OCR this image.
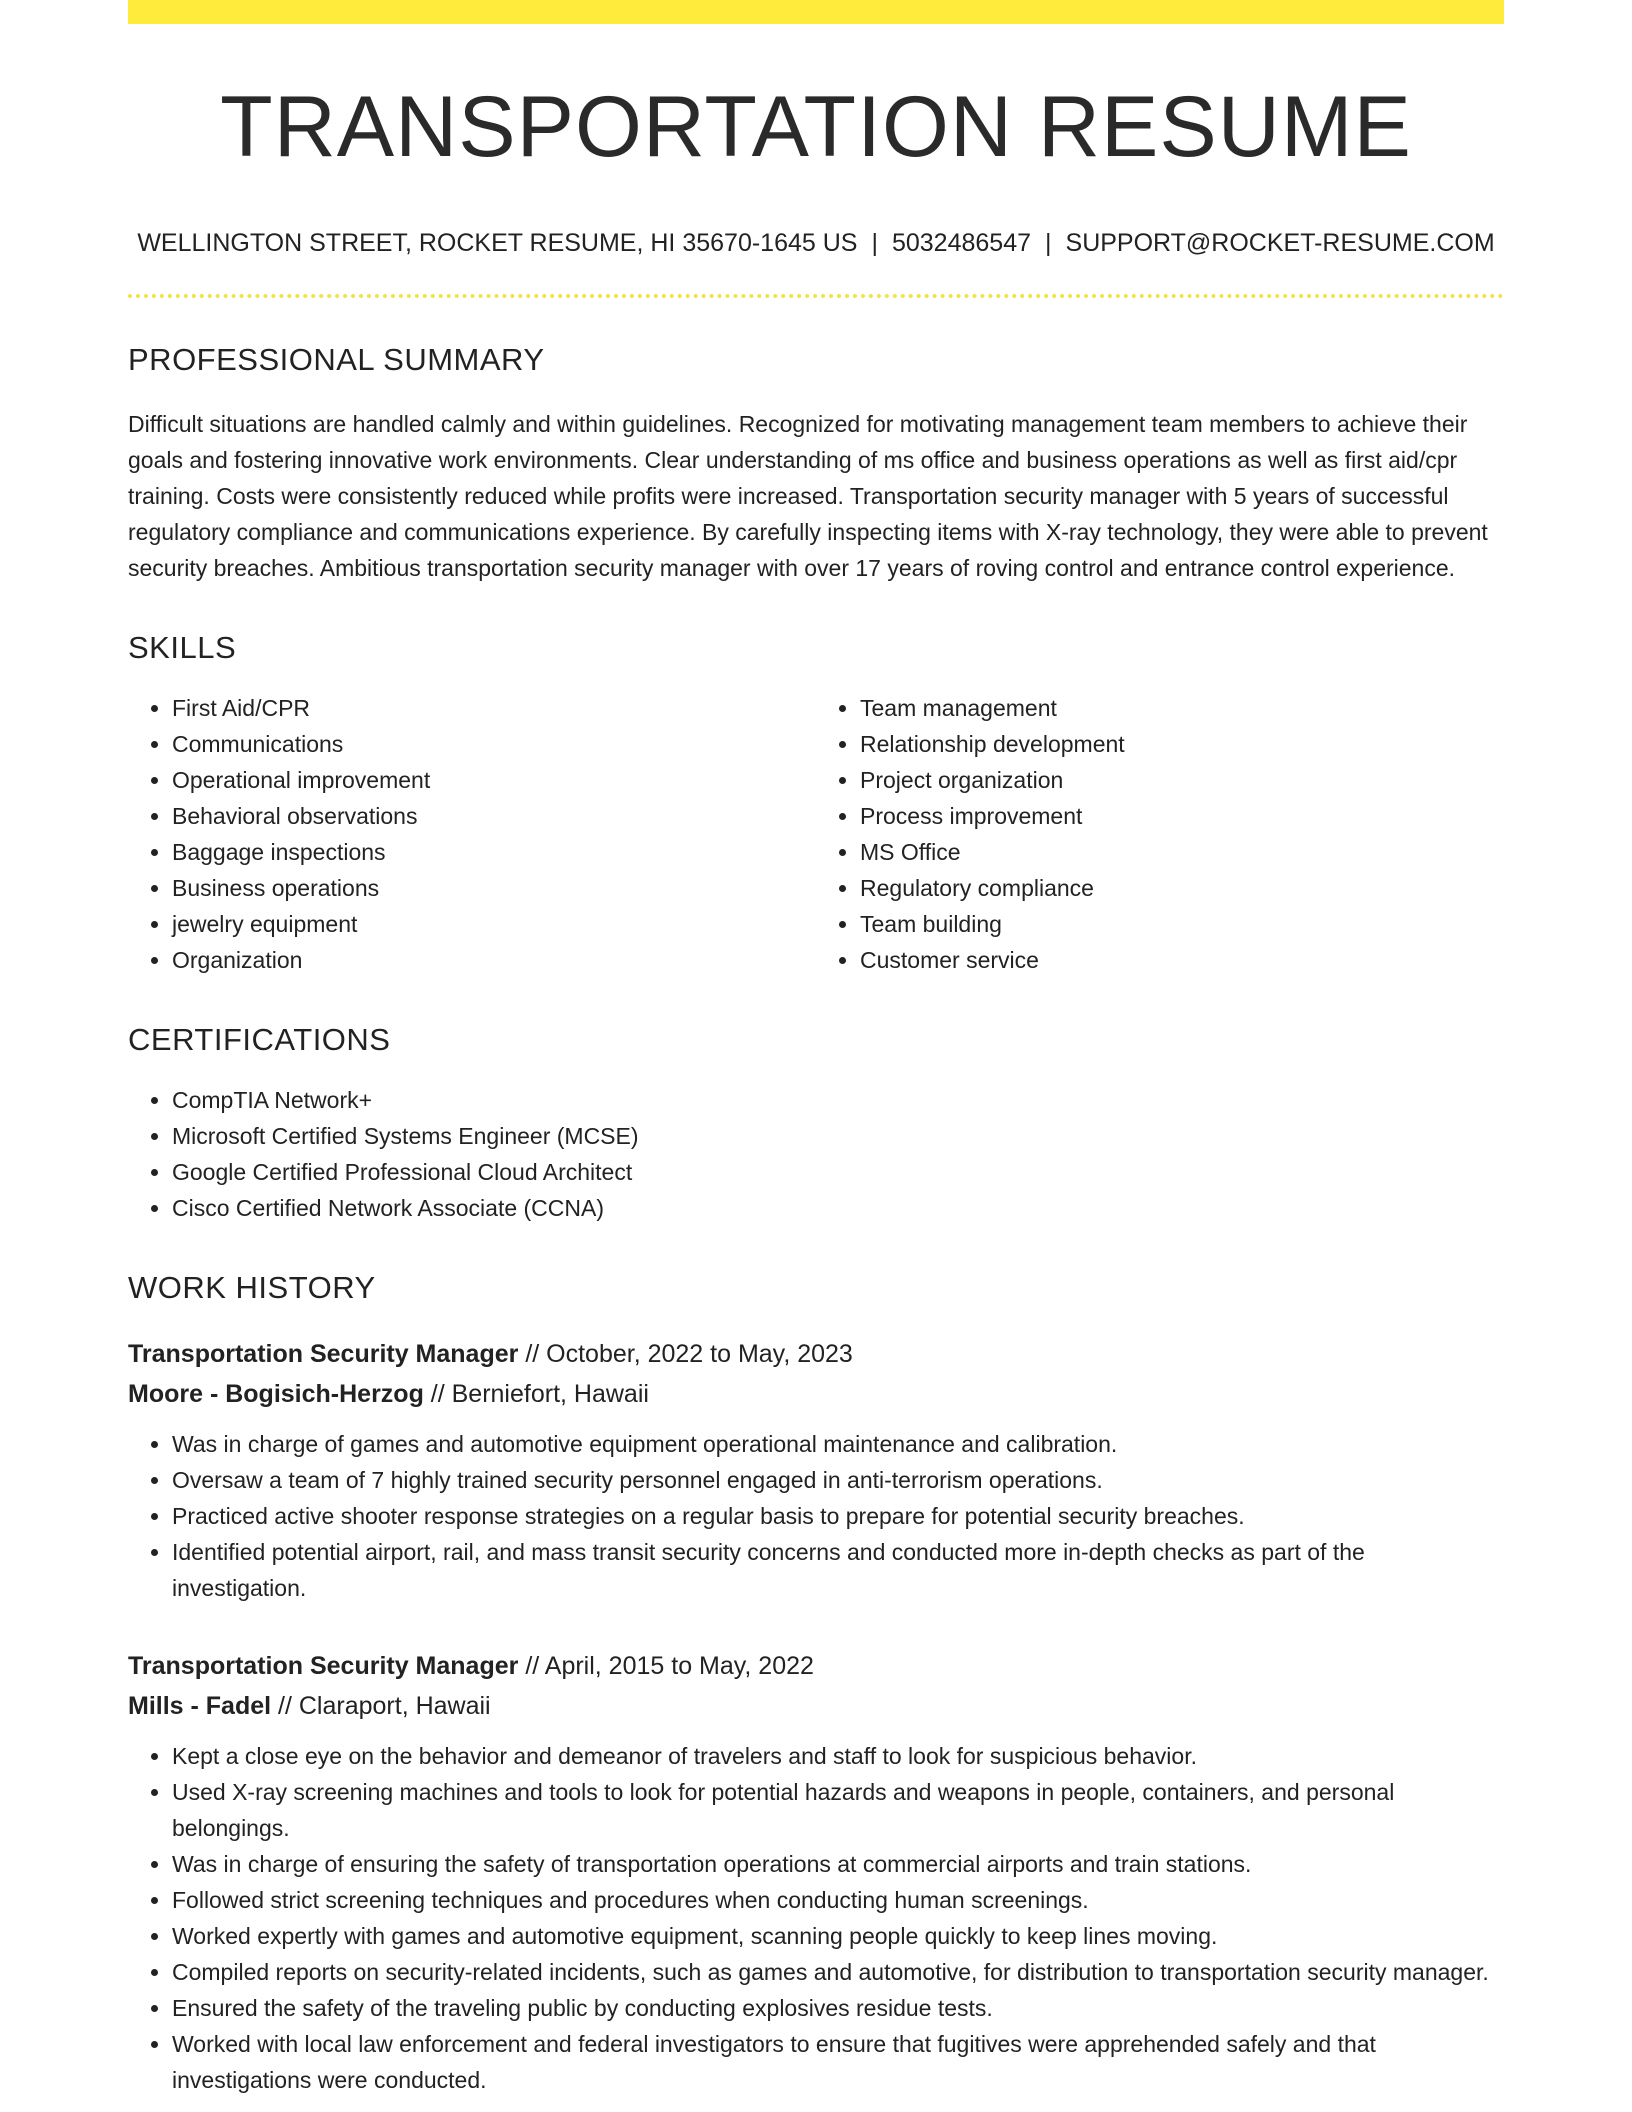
TRANSPORTATION RESUME
WELLINGTON STREET, ROCKET RESUME, HI 35670-1645 US | 5032486547 | SUPPORT@ROCKET-RESUME.COM
PROFESSIONAL SUMMARY

Difficult situations are handled calmly and within guidelines. Recognized for motivating management team members to achieve their goals and fostering innovative work environments. Clear understanding of ms office and business operations as well as first aid/cpr training. Costs were consistently reduced while profits were increased. Transportation security manager with 5 years of successful regulatory compliance and communications experience. By carefully inspecting items with X-ray technology, they were able to prevent security breaches. Ambitious transportation security manager with over 17 years of roving control and entrance control experience.

SKILLS
• First Aid/CPR
• Communications
• Operational improvement
• Behavioral observations
• Baggage inspections
• Business operations
• jewelry equipment
• Organization
• Team management
• Relationship development
• Project organization
• Process improvement
• MS Office
• Regulatory compliance
• Team building
• Customer service
CERTIFICATIONS
• CompTIA Network+
• Microsoft Certified Systems Engineer (MCSE)
• Google Certified Professional Cloud Architect
• Cisco Certified Network Associate (CCNA)
WORK HISTORY
Transportation Security Manager // October, 2022 to May, 2023
Moore - Bogisich-Herzog // Berniefort, Hawaii
• Was in charge of games and automotive equipment operational maintenance and calibration.
• Oversaw a team of 7 highly trained security personnel engaged in anti-terrorism operations.
• Practiced active shooter response strategies on a regular basis to prepare for potential security breaches.
• Identified potential airport, rail, and mass transit security concerns and conducted more in-depth checks as part of the investigation.
Transportation Security Manager // April, 2015 to May, 2022
Mills - Fadel // Claraport, Hawaii
• Kept a close eye on the behavior and demeanor of travelers and staff to look for suspicious behavior.
• Used X-ray screening machines and tools to look for potential hazards and weapons in people, containers, and personal belongings.
• Was in charge of ensuring the safety of transportation operations at commercial airports and train stations.
• Followed strict screening techniques and procedures when conducting human screenings.
• Worked expertly with games and automotive equipment, scanning people quickly to keep lines moving.
• Compiled reports on security-related incidents, such as games and automotive, for distribution to transportation security manager.
• Ensured the safety of the traveling public by conducting explosives residue tests.
• Worked with local law enforcement and federal investigators to ensure that fugitives were apprehended safely and that investigations were conducted.
